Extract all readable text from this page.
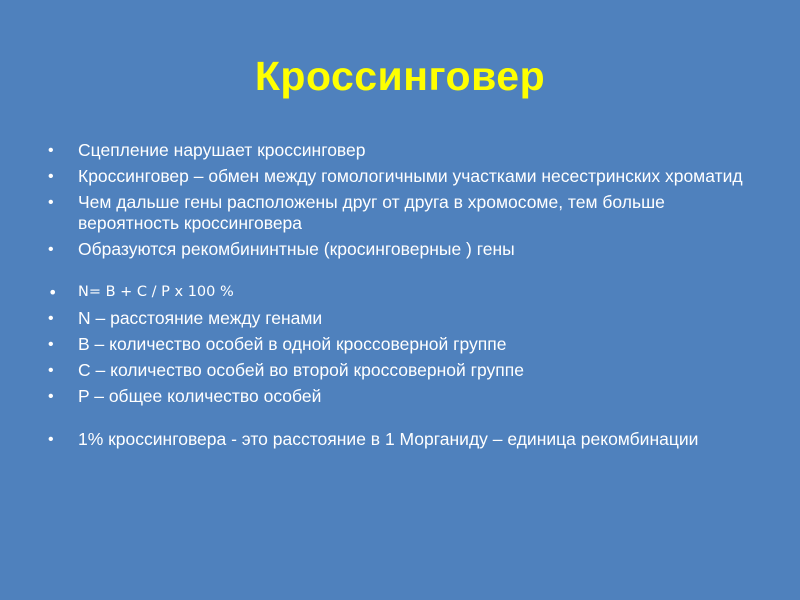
Кроссинговер
• Сцепление нарушает кроссинговер
• Кроссинговер – обмен между гомологичными участками несестринских хроматид
• Чем дальше гены расположены друг от друга в хромосоме, тем больше вероятность кроссинговера
• Образуются рекомбининтные (кросинговерные ) гены
• N= B + C / P x 100 %
• N – расстояние между генами
• B – количество особей в одной кроссоверной группе
• C – количество особей во второй кроссоверной группе
• P – общее количество особей
• 1% кроссинговера - это расстояние в 1 Морганиду – единица рекомбинации
